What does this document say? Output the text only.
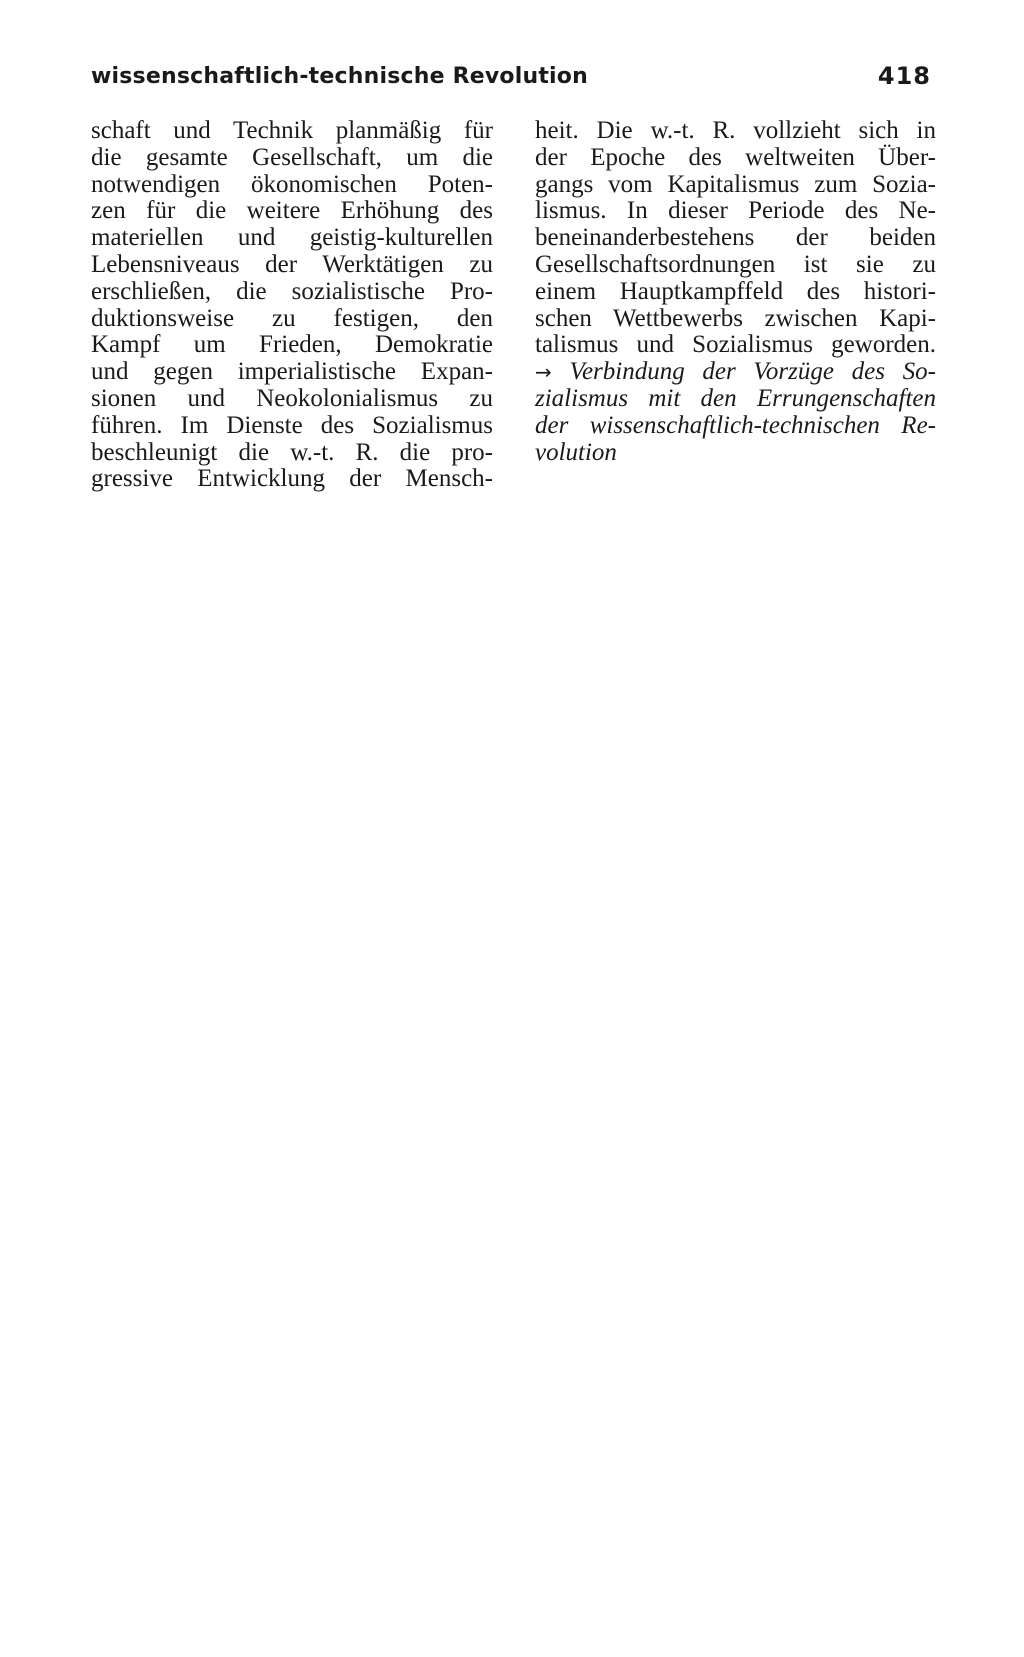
wissenschaftlich-technische Revolution	418
schaft und Technik planmäßig für
die gesamte Gesellschaft, um die
notwendigen ökonomischen Poten-
zen für die weitere Erhöhung des
materiellen und geistig-kulturellen
Lebensniveaus der Werktätigen zu
erschließen, die sozialistische Pro-
duktionsweise zu festigen, den
Kampf um Frieden, Demokratie
und gegen imperialistische Expan-
sionen und Neokolonialismus zu
führen. Im Dienste des Sozialismus
beschleunigt die w.-t. R. die pro-
gressive Entwicklung der Mensch-
heit. Die w.-t. R. vollzieht sich in
der Epoche des weltweiten Über-
gangs vom Kapitalismus zum Sozia-
lismus. In dieser Periode des Ne-
beneinanderbestehens der beiden
Gesellschaftsordnungen ist sie zu
einem Hauptkampffeld des histori-
schen Wettbewerbs zwischen Kapi-
talismus und Sozialismus geworden.
→ Verbindung der Vorzüge des So-
zialismus mit den Errungenschaften
der wissenschaftlich-technischen Re-
volution
